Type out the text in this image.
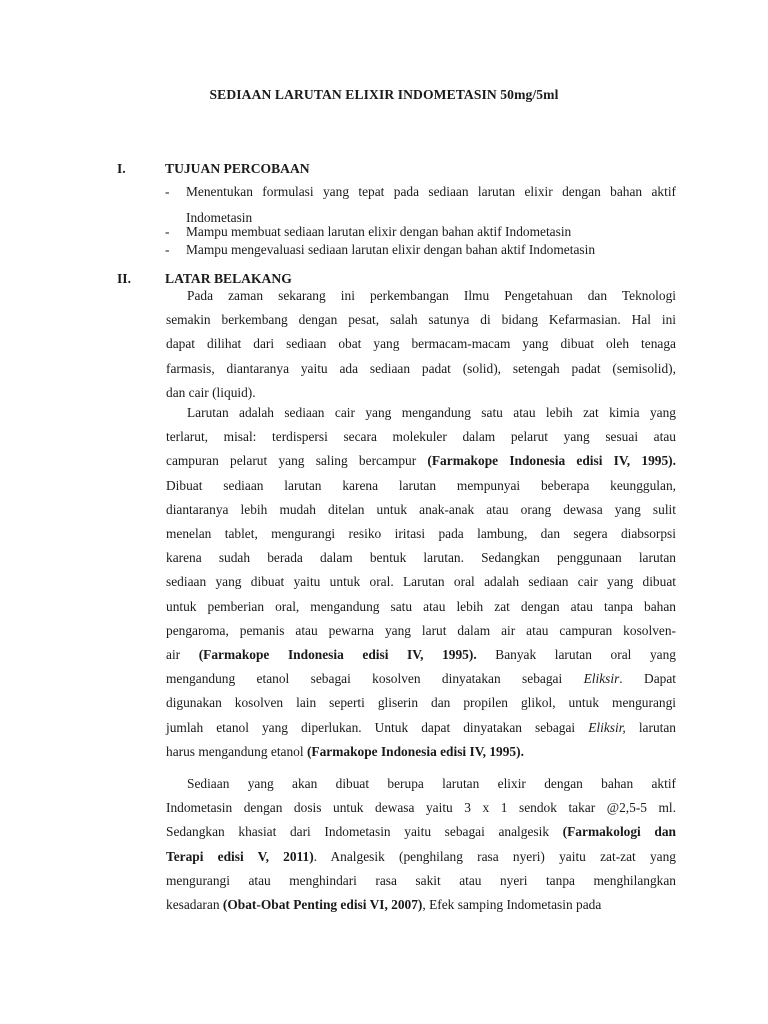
SEDIAAN LARUTAN ELIXIR INDOMETASIN 50mg/5ml
I.	TUJUAN PERCOBAAN
- Menentukan formulasi yang tepat pada sediaan larutan elixir dengan bahan aktif Indometasin
- Mampu membuat sediaan larutan elixir dengan bahan aktif Indometasin
- Mampu mengevaluasi sediaan larutan elixir dengan bahan aktif Indometasin
II.	LATAR BELAKANG
Pada zaman sekarang ini perkembangan Ilmu Pengetahuan dan Teknologi
semakin berkembang dengan pesat, salah satunya di bidang Kefarmasian. Hal ini
dapat dilihat dari sediaan obat yang bermacam-macam yang dibuat oleh tenaga
farmasis, diantaranya yaitu ada sediaan padat (solid), setengah padat (semisolid),
dan cair (liquid).
Larutan adalah sediaan cair yang mengandung satu atau lebih zat kimia yang
terlarut, misal: terdispersi secara molekuler dalam pelarut yang sesuai atau
campuran pelarut yang saling bercampur (Farmakope Indonesia edisi IV, 1995).
Dibuat sediaan larutan karena larutan mempunyai beberapa keunggulan,
diantaranya lebih mudah ditelan untuk anak-anak atau orang dewasa yang sulit
menelan tablet, mengurangi resiko iritasi pada lambung, dan segera diabsorpsi
karena sudah berada dalam bentuk larutan. Sedangkan penggunaan larutan
sediaan yang dibuat yaitu untuk oral. Larutan oral adalah sediaan cair yang dibuat
untuk pemberian oral, mengandung satu atau lebih zat dengan atau tanpa bahan
pengaroma, pemanis atau pewarna yang larut dalam air atau campuran kosolven-
air (Farmakope Indonesia edisi IV, 1995). Banyak larutan oral yang
mengandung etanol sebagai kosolven dinyatakan sebagai Eliksir. Dapat
digunakan kosolven lain seperti gliserin dan propilen glikol, untuk mengurangi
jumlah etanol yang diperlukan. Untuk dapat dinyatakan sebagai Eliksir, larutan
harus mengandung etanol (Farmakope Indonesia edisi IV, 1995).
Sediaan yang akan dibuat berupa larutan elixir dengan bahan aktif
Indometasin dengan dosis untuk dewasa yaitu 3 x 1 sendok takar @2,5-5 ml.
Sedangkan khasiat dari Indometasin yaitu sebagai analgesik (Farmakologi dan
Terapi edisi V, 2011). Analgesik (penghilang rasa nyeri) yaitu zat-zat yang
mengurangi atau menghindari rasa sakit atau nyeri tanpa menghilangkan
kesadaran (Obat-Obat Penting edisi VI, 2007), Efek samping Indometasin pada
